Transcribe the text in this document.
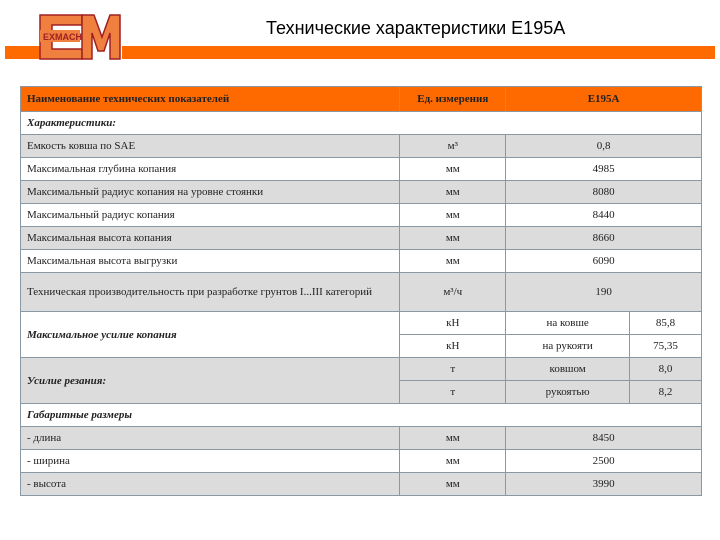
EXMACH	Технические характеристики E195A
Наименование технических показателей	Ед. измерения	E195A	
Характеристики:			
Емкость ковша по SAE	м³	0,8	
Максимальная глубина копания	мм	4985	
Максимальный радиус копания на уровне стоянки	мм	8080	
Максимальный радиус копания	мм	8440	
Максимальная высота копания	мм	8660	
Максимальная высота выгрузки	мм	6090	
Техническая производительность при разработке грунтов I...III категорий	м³/ч	190	
Максимальное усилие копания	кН	на ковше	85,8
	кН	на рукояти	75,35
Усилие резания:	т	ковшом	8,0
	т	рукоятью	8,2
Габаритные размеры			
- длина	мм	8450	
- ширина	мм	2500	
- высота	мм	3990	
